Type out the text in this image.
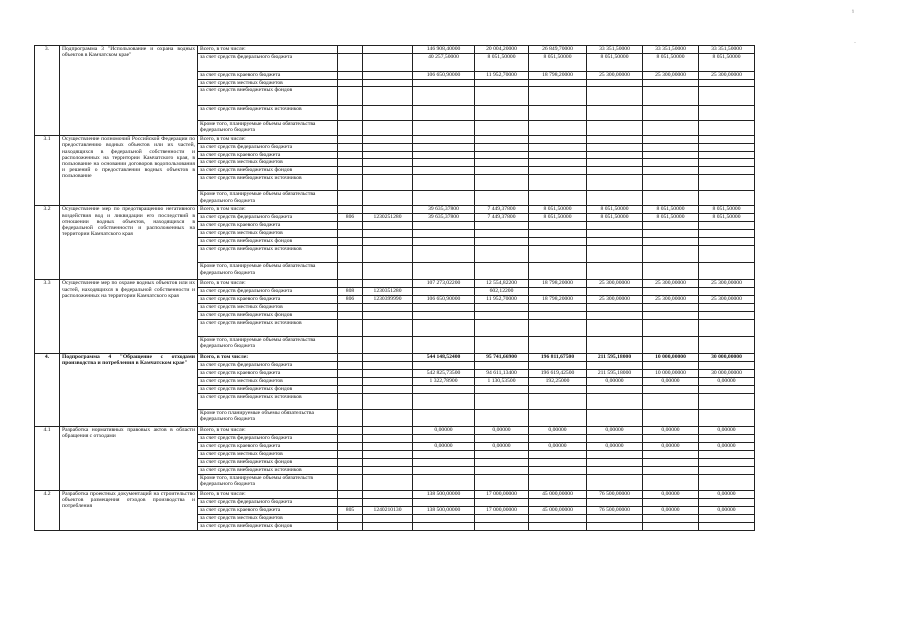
3.	Подпрограмма 3 "Использование и охрана водных объектов в Камчатском крае"	Всего, в том числе:			146 908,40000	20 004,20000	26 849,70000	33 351,50000	33 351,50000	33 351,50000
		за счет средств федерального бюджета			40 257,50000	8 051,50000	8 051,50000	8 051,50000	8 051,50000	8 051,50000
		за счет средств краевого бюджета			106 650,90000	11 952,70000	18 798,20000	25 300,00000	25 300,00000	25 300,00000
		за счет средств местных бюджетов								
		за счет средств внебюджетных фондов								
		за счет средств внебюджетных источников								
		Кроме того, планируемые объемы обязательства федерального бюджета								
3.1	Осуществление полномочий Российской Федерации по предоставлению водных объектов или их частей, находящихся в федеральной собственности и расположенных на территории Камчатского края, в пользование на основании договоров водопользования и решений о предоставлении водных объектов в пользование	Всего, в том числе:								
		за счет средств федерального бюджета								
		за счет средств краевого бюджета								
		за счет средств местных бюджетов								
		за счет средств внебюджетных фондов								
		за счет средств внебюджетных источников								
		Кроме того, планируемые объемы обязательства федерального бюджета								
3.2	Осуществление мер по предотвращению негативного воздействия вод и ликвидации его последствий в отношении водных объектов, находящихся в федеральной собственности и расположенных на территории Камчатского края	Всего, в том числе:			39 635,37800	7 449,37800	8 051,50000	8 051,50000	8 051,50000	8 051,50000
		за счет средств федерального бюджета	806	1230251280	39 635,37800	7 449,37800	8 051,50000	8 051,50000	8 051,50000	8 051,50000
		за счет средств краевого бюджета								
		за счет средств местных бюджетов								
		за счет средств внебюджетных фондов								
		за счет средств внебюджетных источников								
		Кроме того, планируемые объемы обязательства федерального бюджета								
3.3	Осуществление мер по охране водных объектов или их частей, находящихся в федеральной собственности и расположенных на территории Камчатского края	Всего, в том числе:			107 273,02200	12 554,82200	18 798,20000	25 300,00000	25 300,00000	25 300,00000
		за счет средств федерального бюджета	808	1230351280		602,12200				
		за счет средств краевого бюджета	806	1230399990	106 650,90000	11 952,70000	18 798,20000	25 300,00000	25 300,00000	25 300,00000
		за счет средств местных бюджетов								
		за счет средств внебюджетных фондов								
		за счет средств внебюджетных источников								
		Кроме того, планируемые объемы обязательства федерального бюджета								
4.	Подпрограмма 4 "Обращение с отходами производства и потребления в Камчатском крае"	Всего, в том числе:			544 148,52400	95 741,66900	196 811,67500	211 595,18000	10 000,00000	30 000,00000
		за счет средств федерального бюджета								
		за счет средств краевого бюджета			542 825,73500	94 611,13400	196 619,42500	211 595,18000	10 000,00000	30 000,00000
		за счет средств местных бюджетов			1 322,78900	1 130,53500	192,25000	0,00000	0,00000	0,00000
		за счет средств внебюджетных фондов								
		за счет средств внебюджетных источников								
		Кроме того планируемые объемы обязательства федерального бюджета								
4.1	Разработка нормативных правовых актов в области обращения с отходами	Всего, в том числе:			0,00000	0,00000	0,00000	0,00000	0,00000	0,00000
		за счет средств федерального бюджета								
		за счет средств краевого бюджета			0,00000	0,00000	0,00000	0,00000	0,00000	0,00000
		за счет средств местных бюджетов								
		за счет средств внебюджетных фондов								
		за счет средств внебюджетных источников								
		Кроме того, планируемые объемы обязательств федерального бюджета								
4.2	Разработка проектных документаций на строительство объектов размещения отходов производства и потребления	Всего, в том числе:			138 500,00000	17 000,00000	45 000,00000	76 500,00000	0,00000	0,00000
		за счет средств федерального бюджета								
		за счет средств краевого бюджета	805	1240210130	138 500,00000	17 000,00000	45 000,00000	76 500,00000	0,00000	0,00000
		за счет средств местных бюджетов								
		за счет средств внебюджетных фондов								
¹
·
